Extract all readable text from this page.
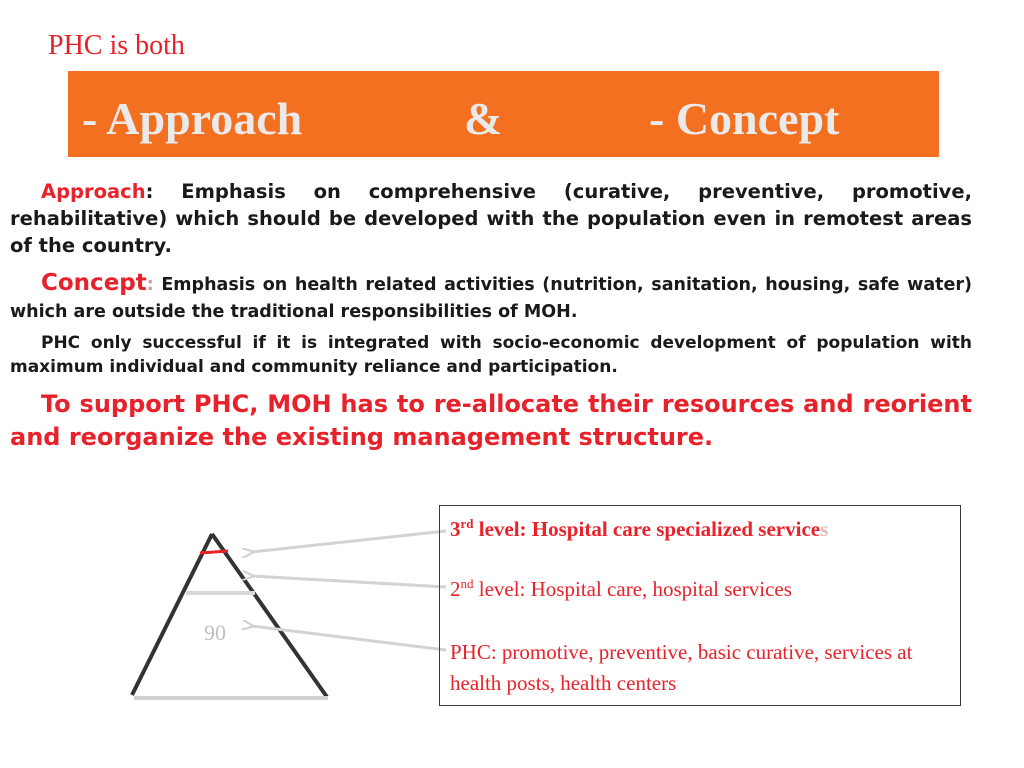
PHC is both
- Approach	&	- Concept
Approach: Emphasis on comprehensive (curative, preventive, promotive, rehabilitative) which should be developed with the population even in remotest areas of the country.
Concept: Emphasis on health related activities (nutrition, sanitation, housing, safe water) which are outside the traditional responsibilities of MOH.
PHC only successful if it is integrated with socio-economic development of population with maximum individual and community reliance and participation.
To support PHC, MOH has to re-allocate their resources and reorient and reorganize the existing management structure.
90
3rd level: Hospital care specialized services
2nd level: Hospital care, hospital services
PHC: promotive, preventive, basic curative, services at health posts, health centers
